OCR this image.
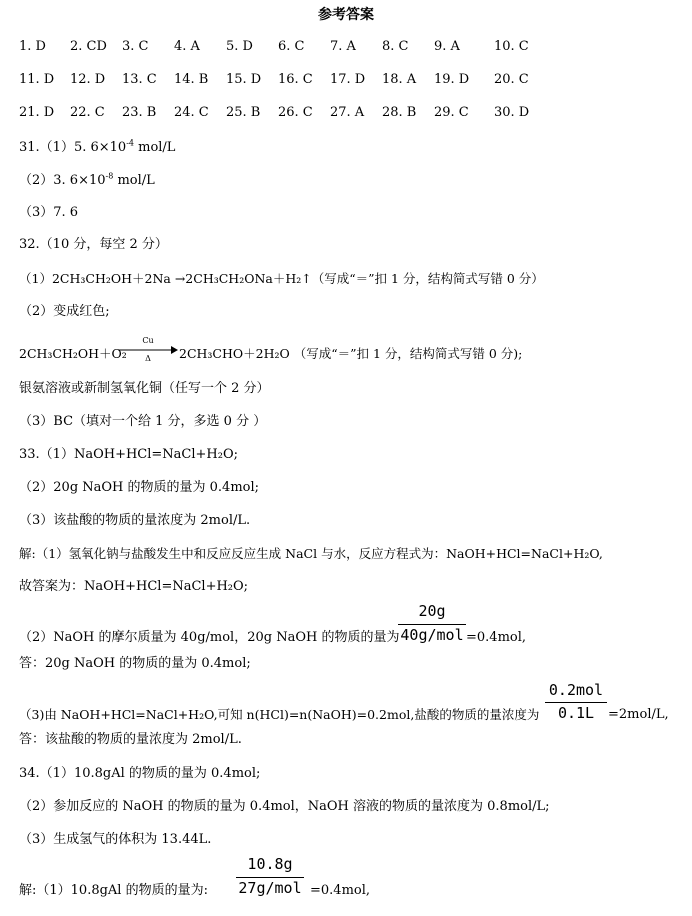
参考答案
1. D 2. CD 3. C 4. A 5. D 6. C 7. A 8. C 9. A	10. C
11. D 12. D 13. C 14. B 15. D 16. C 17. D 18. A 19. D 20. C
21. D 22. C 23. B 24. C 25. B 26. C 27. A 28. B 29. C 30. D
31.（1）5. $6\times 10^{-4}$ mol/L
（2）3. $6\times 10^{-8}$ mol/L
（3）7. 6
32.（10 分，每空 2 分）
（1）2CH₃CH₂OH＋2Na →2CH₃CH₂ONa＋H₂↑（写成“＝”扣 1 分，结构简式写错 0 分）
（2）变成红色;
2CH₃CH₂OH＋O₂
Cu
Δ	2CH₃CHO＋2H₂O （写成“＝”扣 1 分，结构简式写错 0 分);
银氨溶液或新制氢氧化铜（任写一个 2 分）
（3）BC（填对一个给 1 分，多选 0 分 ）
33.（1）NaOH+HCl=NaCl+H₂O;
（2）20g NaOH 的物质的量为 0.4mol;
（3）该盐酸的物质的量浓度为 2mol/L.
解:（1）氢氧化钠与盐酸发生中和反应反应生成 NaCl 与水，反应方程式为：NaOH+HCl=NaCl+H₂O,
故答案为：NaOH+HCl=NaCl+H₂O;
（2）NaOH 的摩尔质量为 40g/mol，20g NaOH 的物质的量为
20g
40g/mol =0.4mol,
答：20g NaOH 的物质的量为 0.4mol;
（3)由 NaOH+HCl=NaCl+H₂O,可知 n(HCl)=n(NaOH)=0.2mol,盐酸的物质的量浓度为
0.2mol
0.1L	=2mol/L,
答：该盐酸的物质的量浓度为 2mol/L.
34.（1）10.8gAl 的物质的量为 0.4mol;
（2）参加反应的 NaOH 的物质的量为 0.4mol，NaOH 溶液的物质的量浓度为 0.8mol/L;
（3）生成氢气的体积为 13.44L.
解:（1）10.8gAl 的物质的量为:
10.8g
27g/mol =0.4mol,
